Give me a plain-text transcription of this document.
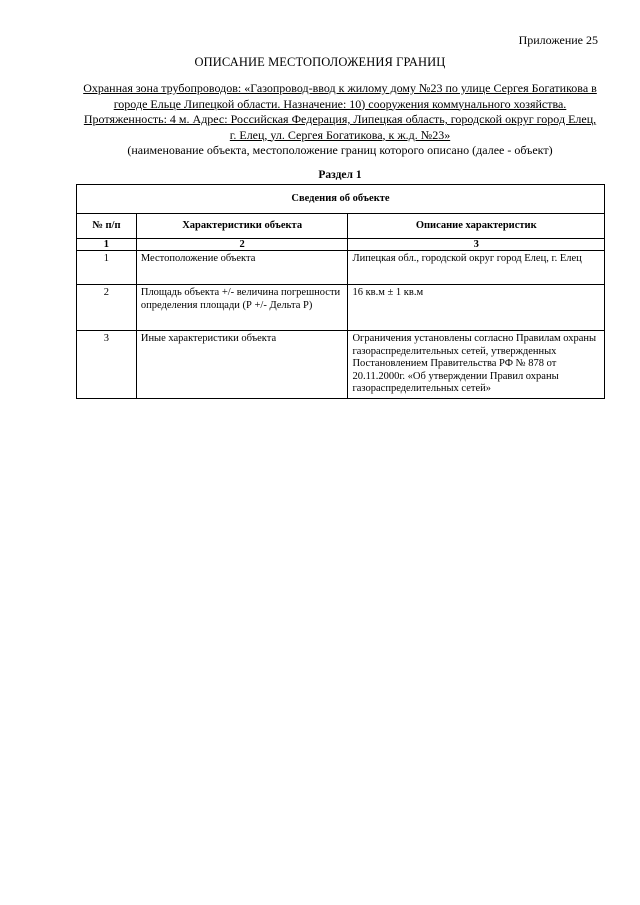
Приложение 25
ОПИСАНИЕ МЕСТОПОЛОЖЕНИЯ ГРАНИЦ
Охранная зона трубопроводов: «Газопровод-ввод к жилому дому №23 по улице Сергея Богатикова в городе Ельце Липецкой области. Назначение: 10) сооружения коммунального хозяйства. Протяженность: 4 м. Адрес: Российская Федерация, Липецкая область, городской округ город Елец, г. Елец, ул. Сергея Богатикова, к ж.д. №23»
(наименование объекта, местоположение границ которого описано (далее - объект)
Раздел 1
Сведения об объекте		
№ п/п	Характеристики объекта	Описание характеристик
1	2	3
1	Местоположение объекта	Липецкая обл., городской округ город Елец, г. Елец
2	Площадь объекта +/- величина погрешности определения площади (Р +/- Дельта Р)	16 кв.м ± 1 кв.м
3	Иные характеристики объекта	Ограничения установлены согласно Правилам охраны газораспределительных сетей, утвержденных Постановлением Правительства РФ № 878 от 20.11.2000г. «Об утверждении Правил охраны газораспределительных сетей»
